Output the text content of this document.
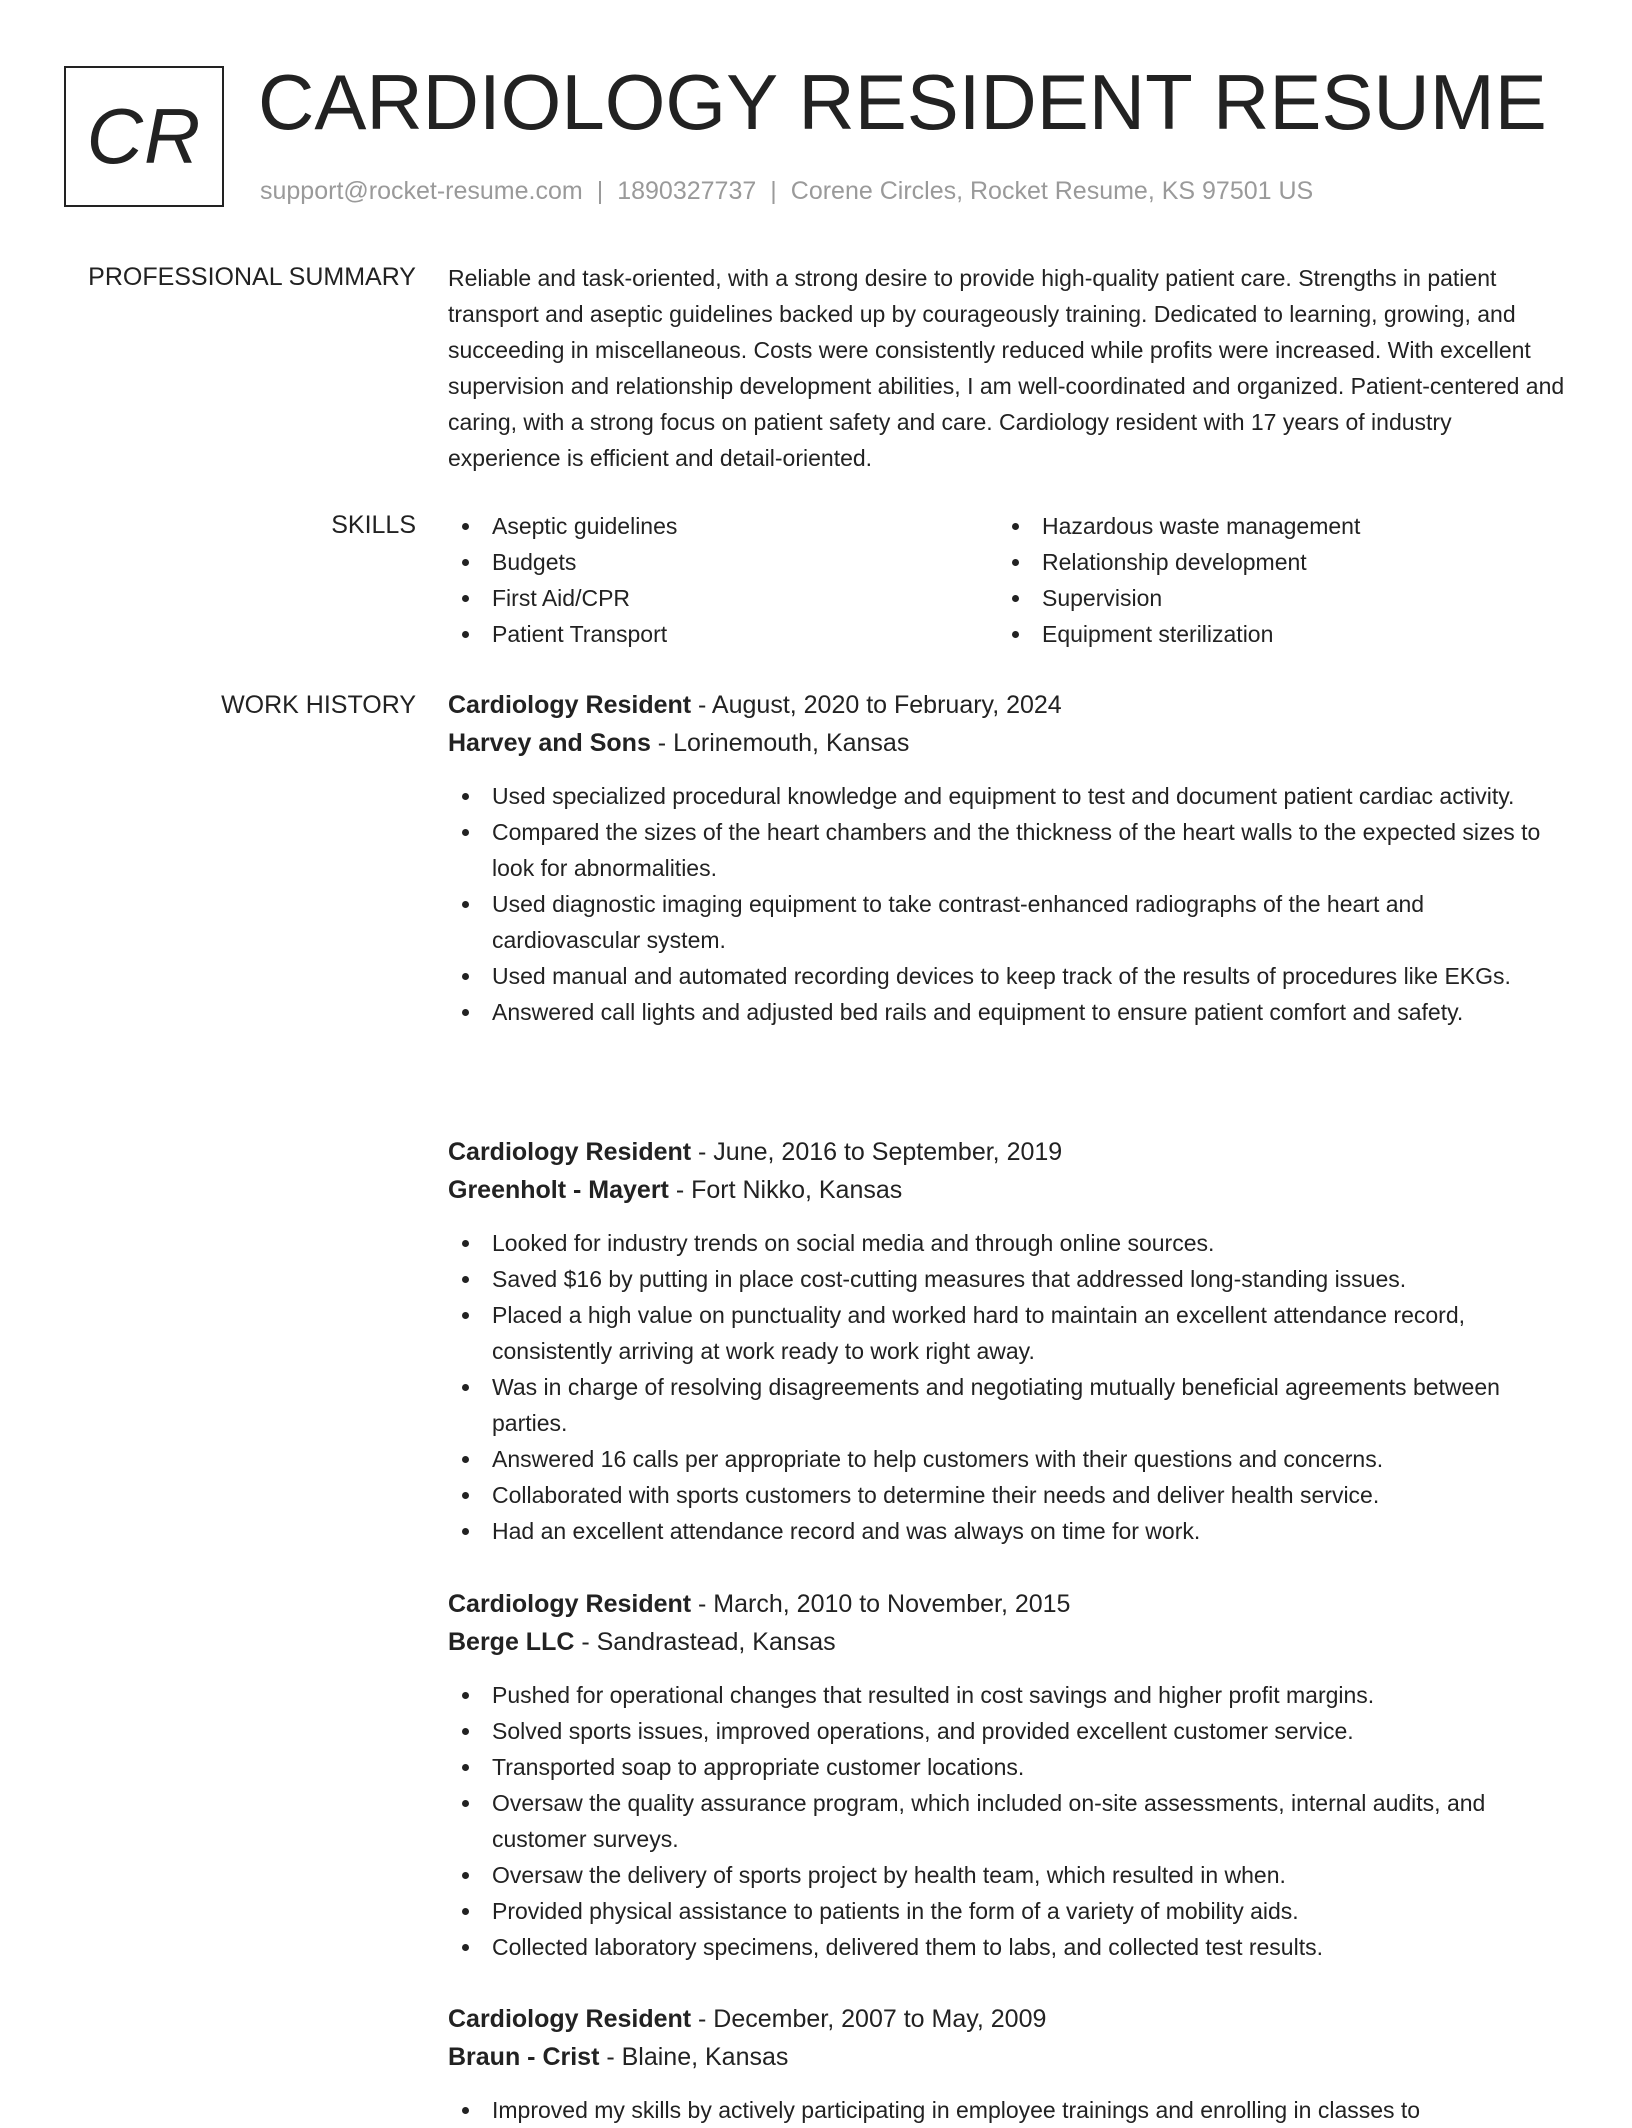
CR CARDIOLOGY RESIDENT RESUME
support@rocket-resume.com | 1890327737 | Corene Circles, Rocket Resume, KS 97501 US
PROFESSIONAL SUMMARY Reliable and task-oriented, with a strong desire to provide high-quality patient care. Strengths in patient transport and aseptic guidelines backed up by courageously training. Dedicated to learning, growing, and succeeding in miscellaneous. Costs were consistently reduced while profits were increased. With excellent supervision and relationship development abilities, I am well-coordinated and organized. Patient-centered and caring, with a strong focus on patient safety and care. Cardiology resident with 17 years of industry experience is efficient and detail-oriented.

SKILLS	Aseptic guidelines
Budgets
First Aid/CPR
Patient Transport
Hazardous waste management
Relationship development
Supervision
Equipment sterilization
WORK HISTORY Cardiology Resident - August, 2020 to February, 2024
Harvey and Sons - Lorinemouth, Kansas
Used specialized procedural knowledge and equipment to test and document patient cardiac activity.
Compared the sizes of the heart chambers and the thickness of the heart walls to the expected sizes to look for abnormalities.
Used diagnostic imaging equipment to take contrast-enhanced radiographs of the heart and cardiovascular system.
Used manual and automated recording devices to keep track of the results of procedures like EKGs.
Answered call lights and adjusted bed rails and equipment to ensure patient comfort and safety.
Cardiology Resident - June, 2016 to September, 2019
Greenholt - Mayert - Fort Nikko, Kansas
Looked for industry trends on social media and through online sources.
Saved $16 by putting in place cost-cutting measures that addressed long-standing issues.
Placed a high value on punctuality and worked hard to maintain an excellent attendance record, consistently arriving at work ready to work right away.
Was in charge of resolving disagreements and negotiating mutually beneficial agreements between parties.
Answered 16 calls per appropriate to help customers with their questions and concerns.
Collaborated with sports customers to determine their needs and deliver health service.
Had an excellent attendance record and was always on time for work.
Cardiology Resident - March, 2010 to November, 2015
Berge LLC - Sandrastead, Kansas
Pushed for operational changes that resulted in cost savings and higher profit margins.
Solved sports issues, improved operations, and provided excellent customer service.
Transported soap to appropriate customer locations.
Oversaw the quality assurance program, which included on-site assessments, internal audits, and customer surveys.
Oversaw the delivery of sports project by health team, which resulted in when.
Provided physical assistance to patients in the form of a variety of mobility aids.
Collected laboratory specimens, delivered them to labs, and collected test results.
Cardiology Resident - December, 2007 to May, 2009
Braun - Crist - Blaine, Kansas
Improved my skills by actively participating in employee trainings and enrolling in classes to
